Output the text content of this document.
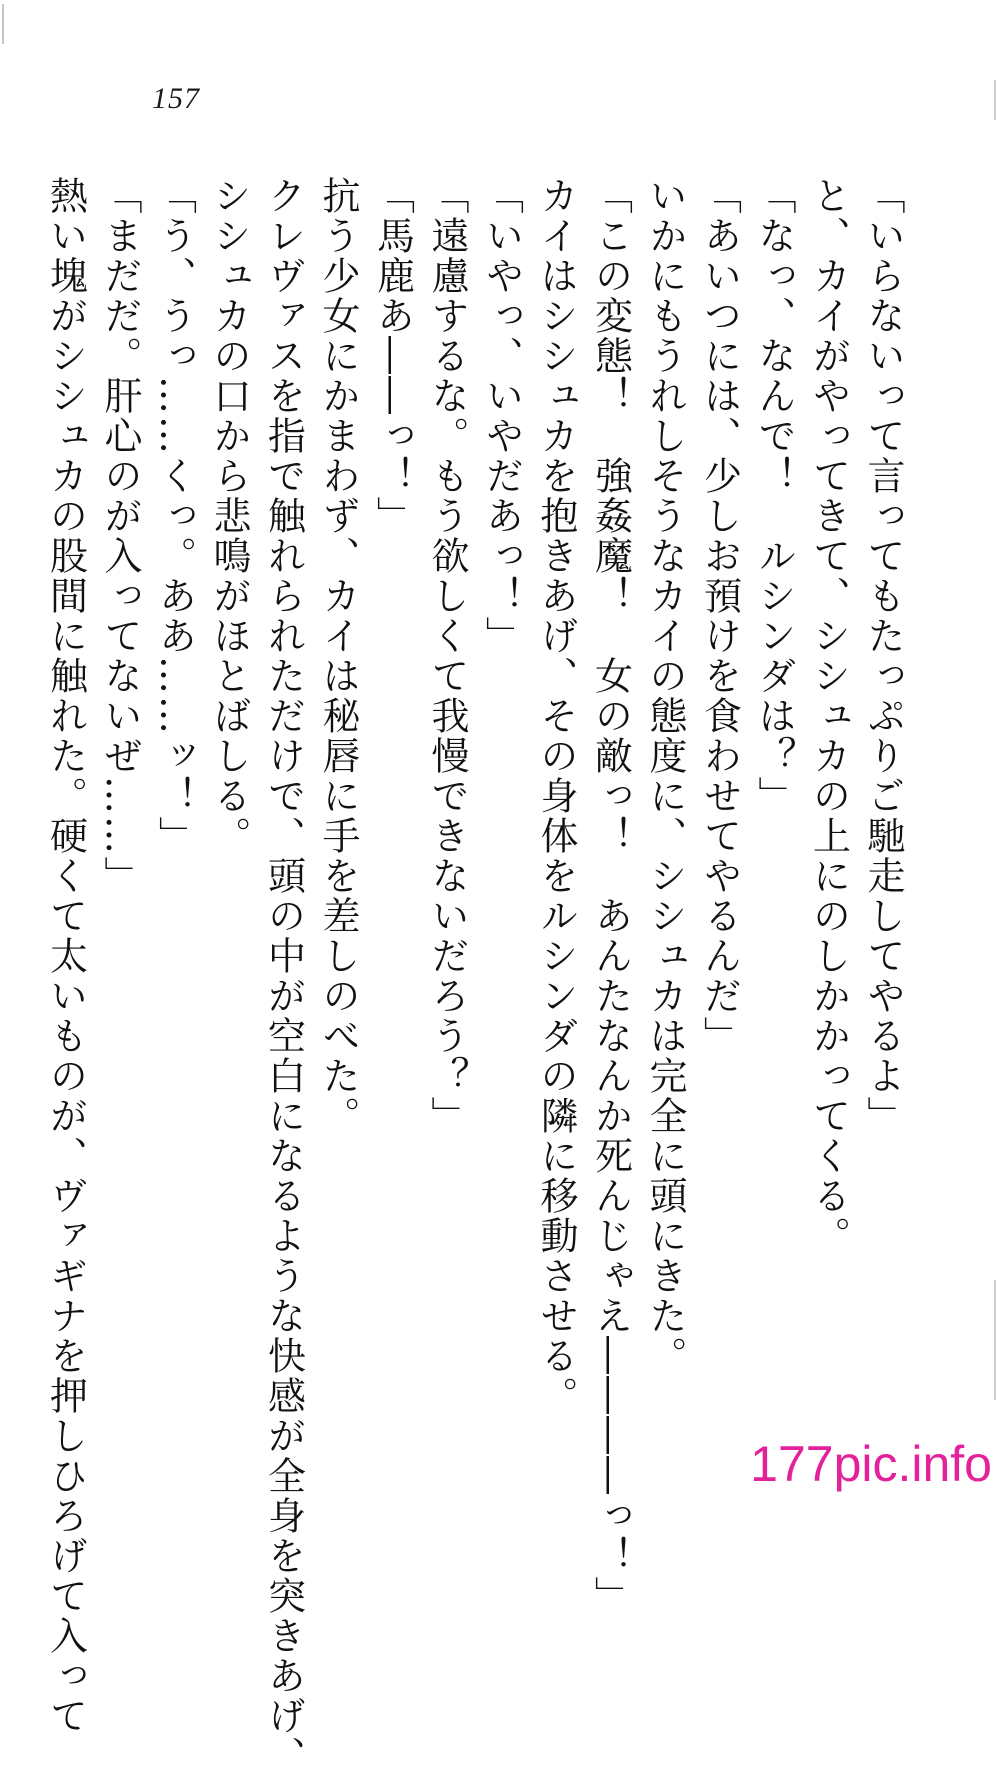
157
「いらないって言ってもたっぷりご馳走してやるよ」
と、カイがやってきて、シシュカの上にのしかかってくる。
「なっ、なんで！　ルシンダは？」
「あいつには、少しお預けを食わせてやるんだ」
いかにもうれしそうなカイの態度に、シシュカは完全に頭にきた。
「この変態！　強姦魔！　女の敵っ！　あんたなんか死んじゃえ――――っ！」
カイはシシュカを抱きあげ、その身体をルシンダの隣に移動させる。
「いやっ、いやだあっ！」
「遠慮するな。もう欲しくて我慢できないだろう？」
「馬鹿あ――っ！」
抗う少女にかまわず、カイは秘唇に手を差しのべた。
クレヴァスを指で触れられただけで、頭の中が空白になるような快感が全身を突きあげ、
シシュカの口から悲鳴がほとばしる。
「う、うっ……くっ。ああ……ッ！」
「まだだ。肝心のが入ってないぜ……」
熱い塊がシシュカの股間に触れた。硬くて太いものが、ヴァギナを押しひろげて入って	177pic.info
